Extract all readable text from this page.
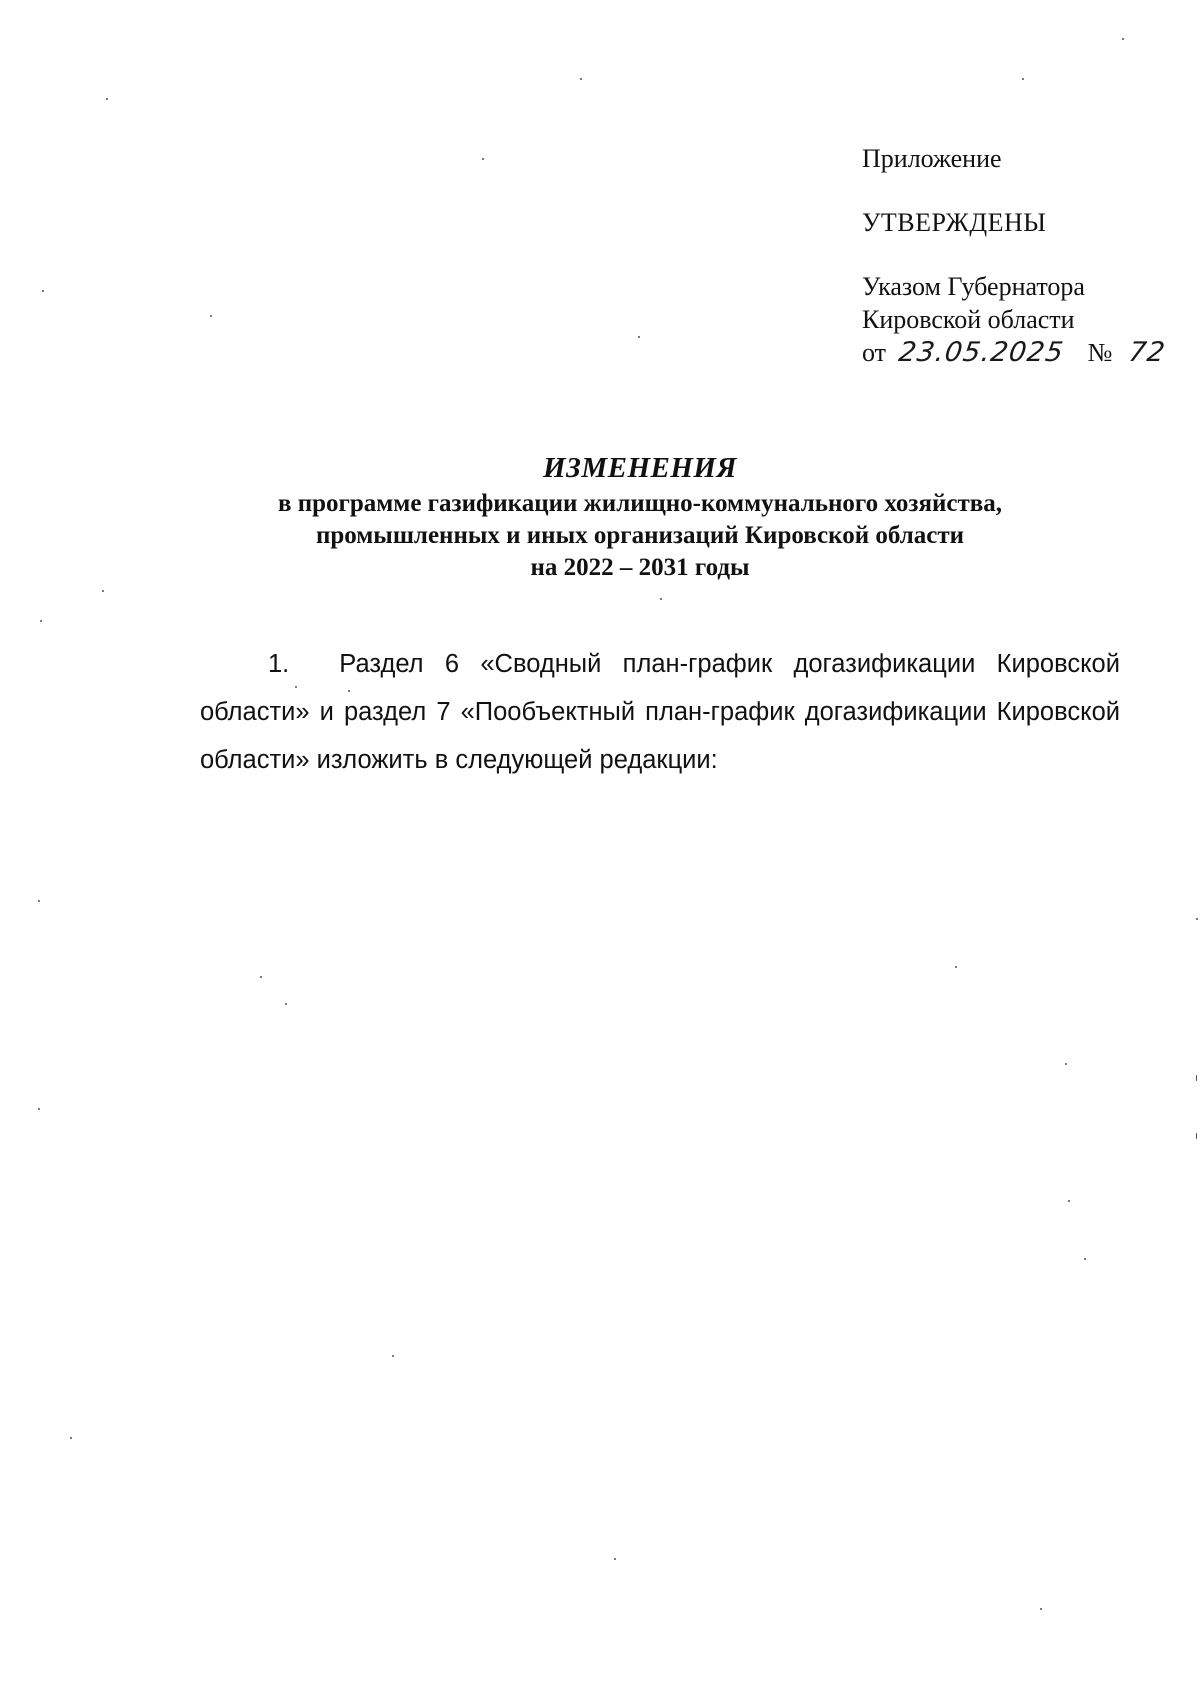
Приложение
УТВЕРЖДЕНЫ
Указом Губернатора
Кировской области
от 23.05.2025 № 72
ИЗМЕНЕНИЯ
в программе газификации жилищно-коммунального хозяйства,
промышленных и иных организаций Кировской области
на 2022 – 2031 годы

1. Раздел 6 «Сводный план-график догазификации Кировской области» и раздел 7 «Пообъектный план-график догазификации Кировской области» изложить в следующей редакции:
